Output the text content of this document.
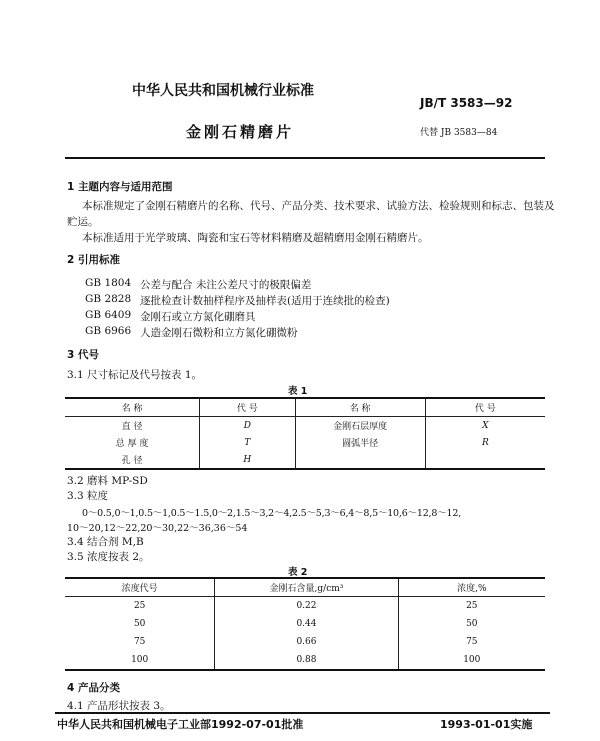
中华人民共和国机械行业标准
JB/T 3583—92
金刚石精磨片	代替 JB 3583—84
1 主题内容与适用范围
本标准规定了金刚石精磨片的名称、代号、产品分类、技术要求、试验方法、检验规则和标志、包装及
贮运。
本标准适用于光学玻璃、陶瓷和宝石等材料精磨及超精磨用金刚石精磨片。
2 引用标准
GB 1804 公差与配合 未注公差尺寸的极限偏差
GB 2828 逐批检查计数抽样程序及抽样表(适用于连续批的检查)
GB 6409 金刚石或立方氮化硼磨具
GB 6966 人造金刚石微粉和立方氮化硼微粉
3 代号
3.1 尺寸标记及代号按表 1。
表 1
名 称	代 号	名 称	代 号
直 径	D	金刚石层厚度	X
总 厚 度	T	圆弧半径	R
孔 径	H		
3.2 磨料 MP-SD
3.3 粒度
0～0.5,0～1,0.5～1,0.5～1.5,0～2,1.5～3,2～4,2.5～5,3～6,4～8,5～10,6～12,8～12,
10～20,12～22,20～30,22～36,36～54
3.4 结合剂 M,B
3.5 浓度按表 2。
表 2
浓度代号	金刚石含量,g/cm³	浓度,%
25	0.22	25
50	0.44	50
75	0.66	75
100	0.88	100
4 产品分类
4.1 产品形状按表 3。
中华人民共和国机械电子工业部1992-07-01批准	1993-01-01实施
